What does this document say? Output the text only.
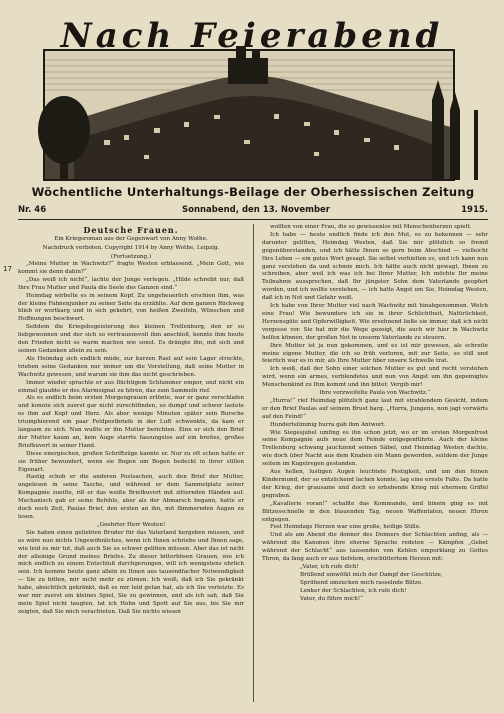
Nach Feierabend
Wöchentliche Unterhaltungs-Beilage der Oberhessischen Zeitung
Nr. 46	Sonnabend, den 13. November	1915.
17
Deutsche Frauen.
Ein Kriegsroman aus der Gegenwart von Anny Wothe.
Nachdruck verboten. Copyright 1914 by Anny Wothe, Leipzig.
(Fortsetzung.)

„Meine Mutter in Wachwitz?“ fragte Westen erblassend. „Mein Gott, wie kommt sie denn dahin?“

„Das weiß ich nicht“, lachte der Junge verlegen. „Hilde schreibt nur, daß Ihre Frau Mutter und Paula die Seele des Ganzen sind.“

Heimdag wirbelte es in seinem Kopf. Zu ungeheuerlich erschien ihm, was der kleine Fahnenjunker zu seiner Seite da erzählte. Auf dem ganzen Rückweg blieb er wortkarg und in sich gekehrt, von heißen Zweifeln, Wünschen und Hoffnungen beschwert.

Seitdem die Kriegsbegeisterung des kleinen Trellenburg, den er so liebgewonnen und der sich so vertrauensvoll ihm anschloß, konnte ihm heute den Frieden nicht so warm machen wie sonst. Es drängte ihn, mit sich und seinen Gedanken allein zu sein.

Als Heimdag sich endlich müde, zur kurzen Rast auf sein Lager streckte, trieben seine Gedanken nur immer um die Vorstellung, daß seine Mutter in Wachwitz gewesen, und warum sie ihm das nicht geschrieben.

Immer wieder sprachte er aus flüchtigem Schlummer empor, und nicht ein einmal glaubte er des Alarmsignal zu hören, das zum Sammeln rief.

Als es endlich beim ersten Morgengrauen ertönte, war er ganz verschlafen und konnte sich zuerst gar nicht zurechtfinden, so dumpf und schwer lastete es ihm auf Kopf und Herz. Als aber wenige Minuten später sein Bursche triumphierend ein paar Feldpostbriefe in der Luft schwenkte, da kam er langsam zu sich. Nun wußte er ihn Mutter berichten. Eine er sich den Brief der Mutter kaum an, kein Auge starrte fassungslos auf ein breites, großes Briefkuvert in seiner Hand.

Diese energischen, großen Schriftzüge kannte er. Nur zu oft schon hatte er sie früher bewundert, wenn sie Bogen um Bogen bedeckt in ihrer stillen Eigenart.

Hastig schob er die anderen Postsachen, auch den Brief der Mutter, ungelesen in seine Tasche, und während er dem Sammelplatz seiner Kompagnie zueilte, riß er das weiße Briefkuvert mit zitternden Händen auf. Mechanisch gab er seine Befehle, aber als der Abmarsch begann, hatte er doch noch Zeit, Paulas Brief, den ersten an ihn, mit flimmernden Augen zu lesen.

„Geehrter Herr Westen!

Sie haben einen geliebten Bruder für das Vaterland hergeben müssen, und es wäre nun nichts Ungewöhnliches, wenn ich Ihnen schriebe und Ihnen sage, wie leid es mir tut, daß auch Sie so schwer gelitten müssen. Aber das ist nicht der alleinige Grund meines Briefes. Zu dieser bitterbösen Grauen, wie ich mich endlich zu einem Entschluß durchgerungen, will ich wenigstens ehrlich sein. Ich komme heute ganz allein zu Ihnen aus tausendfacher Notwendigkeit — Sie zu bitten, mir nicht mehr zu zürnen. Ich weiß, daß ich Sie gekränkt habe, absichtlich gekränkt, daß es mir leid getan hat, als ich Sie verletzte. Es war mir zuerst ein kleines Spiel, Sie zu gewinnen, und als ich sah, daß Sie mein Spiel nicht taugten, tat ich Hohn und Spott auf Sie aus, bis Sie mir zeigten, daß Sie mich verachteten. Daß Sie nichts wissen

wollten von einer Frau, die so gewissenlos mit Menschenherzen spielt.

Ich habe — heute endlich finde ich den Mut, es zu bekennen — sehr darunter gelitten, Heimdag Westen, daß Sie mir plötzlich so fremd gegenüberstanden, und ich hätte Ihnen so gern beim Abschied — vielleicht fürs Leben — ein gutes Wort gesagt. Sie selbst verhielten es, und ich kann nun ganz verstehen da und schmie mich. Ich hätte auch nicht gewagt, Ihnen zu schreiben, aber weil ich was ich bei Ihrer Mutter, Ich möchte Ihr meine Teilnahme aussprechen, daß Ihr jüngster Sohn dem Vaterlande geopfert worden, und ich wollte verstehen, — ich hatte Angst um Sie, Heimdag Westen, daß ich in Not und Gefahr weiß.

Ich habe von Ihrer Mutter viel nach Wachwitz mit hinabgenommen. Welch eine Frau! Wie bewundere ich sie in ihrer Schlichtheit, Natürlichkeit, Herzensgüte und Opferwilligkeit. Wie ersehnend ließe sie immer, daß ich nicht vergesse vor. Sie hat mir die Wege gezeigt, die auch wir hier in Wachwitz helfen können, der großen Not in unserm Vaterlande zu steuern.

Ihre Mutter ist ja nun gekommen, und es ist mir gewesen, als schreite meine eigene Mutter, die ich so früh verloren, mit zur Seite, so still und feierlich war es in mir, als Ihre Mutter über unsere Schwelle trat.

Ich weiß, daß der Sohn einer solchen Mutter es gut und recht verstehen wird, wenn ein armes, verblendetes und nun von Angst um ihn gepeinigtes Menschenkind zu Ihm kommt und ihn bittet: Vergib mir!

Ihre verzweifelte Paula von Wachwitz.“

„Hurra!“ rief Heimdag plötzlich ganz laut mit strahlendem Gesicht, indem er den Brief Paulas auf seinem Brust barg. „Hurra, Jungens, nun jagt vorwärts auf den Feind!“

Hundertstimmig hurra gab ihm Antwort.

Wie Siegesjubel umfing es ihn schon jetzt, wo er im ersten Morgenfrost seine Kompagnie aufs neue dem Feinde entgegenführte. Auch der kleine Trellenburg schwang jauchzend seinen Säbel, und Heimdag Westen dachte, wie doch über Nacht aus dem Knaben ein Mann geworden, seitdem der Junge seitem im Kugelregen gestanden.

Aus hellen, lustigen Augen leuchtete Festigkeit, und um den feinen Kindermund, der so entzückend lachen konnte, lag eine ernste Falte. Da hatte der Krieg, der grausame und doch so erhebende Krieg mit ehernem Griffel gegraben.

„Kavallerie voran!“ schallte das Kommando, und hinein ging es mit Blitzesschnelle in den blauenden Tag, neuen Waffentaten, neuen Ehren entgegen.

Fest Heimdags Herzen war eine große, heilige Stille.

Und als am Abend die donner des Donners der Schlachten anfing, als — während die Kanonen ihre eherne Sprache redeten — Kämpfen „Gebet während der Schlacht“ aus tausenden von Kehlen emporklang zu Gottes Thron, da fang auch er aus tiefstem, erschüttertem Herzen mit:

„Vater, ich rufe dich!

Brüllend umwölkt mich der Dampf der Geschütze,

Sprühend umzucken mich rasselnde Blitze.

Lenker der Schlachten, ich rufe dich!

Vater, du führe mich!“
